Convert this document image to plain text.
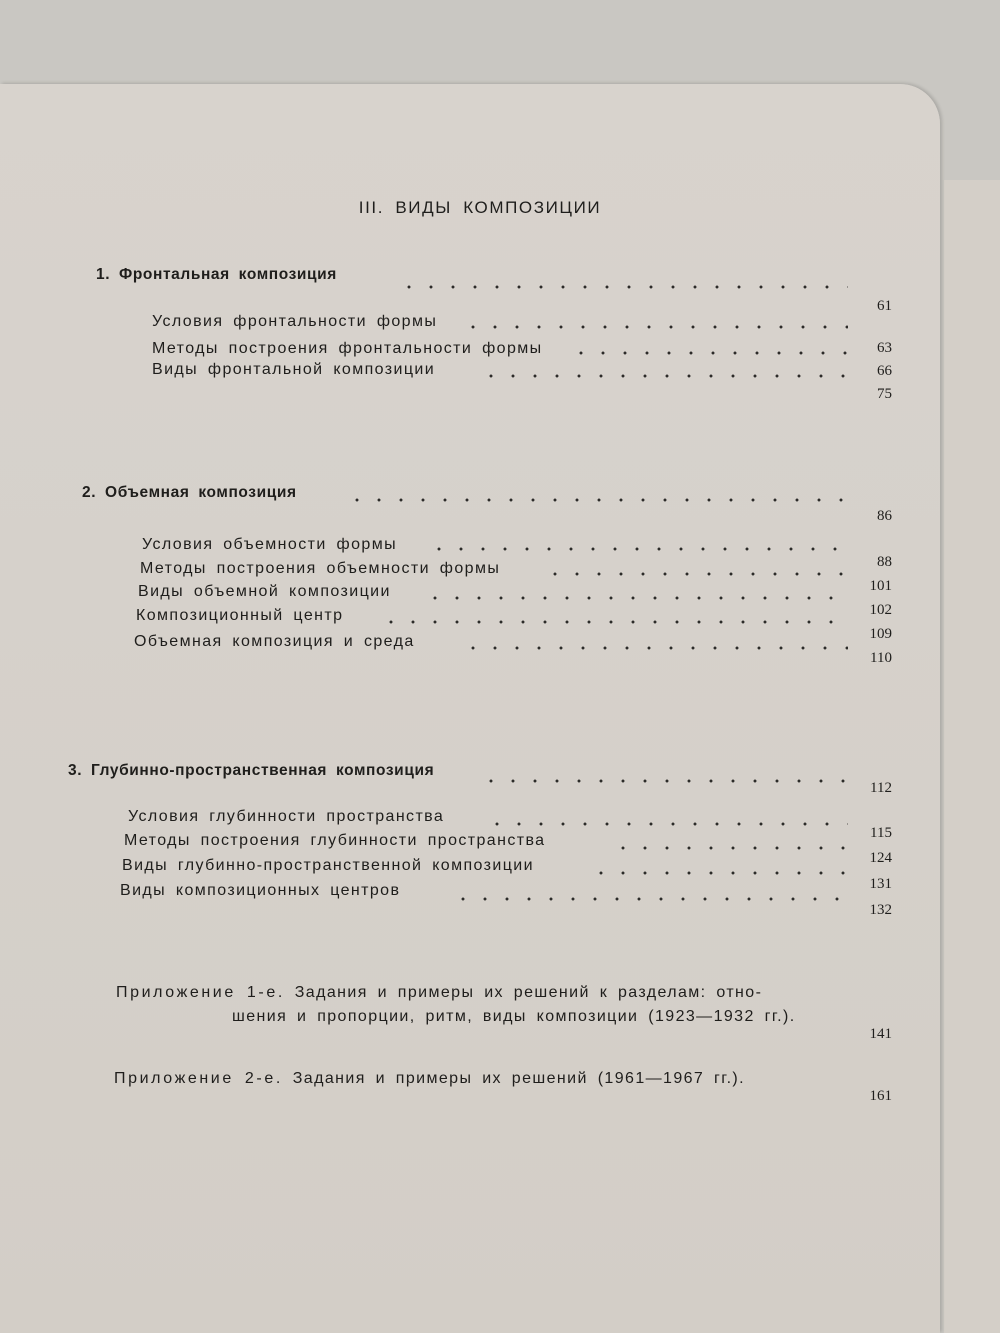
III. ВИДЫ КОМПОЗИЦИИ
1. Фронтальная композиция
61
Условия фронтальности формы
63
Методы построения фронтальности формы
66
Виды фронтальной композиции
75
2. Объемная композиция
86
Условия объемности формы
88
Методы построения объемности формы
101
Виды объемной композиции
102
Композиционный центр
109
Объемная композиция и среда
110
3. Глубинно-пространственная композиция
112
Условия глубинности пространства
115
Методы построения глубинности пространства
124
Виды глубинно-пространственной композиции
131
Виды композиционных центров
132
Приложение 1-е. Задания и примеры их решений к разделам: отно-
шения и пропорции, ритм, виды композиции (1923—1932 гг.).
141
Приложение 2-е. Задания и примеры их решений (1961—1967 гг.).
161
